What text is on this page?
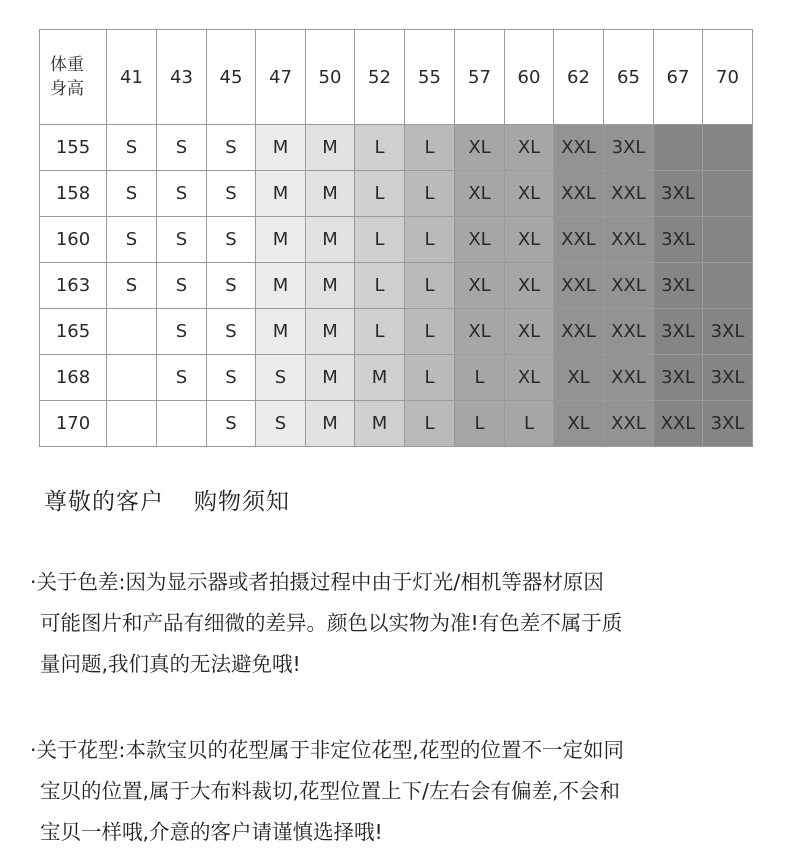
体重
身高	41	43	45	47	50	52	55	57	60	62	65	67	70
155	S	S	S	M	M	L	L	XL	XL	XXL	3XL		
158	S	S	S	M	M	L	L	XL	XL	XXL	XXL	3XL	
160	S	S	S	M	M	L	L	XL	XL	XXL	XXL	3XL	
163	S	S	S	M	M	L	L	XL	XL	XXL	XXL	3XL	
165		S	S	M	M	L	L	XL	XL	XXL	XXL	3XL	3XL
168		S	S	S	M	M	L	L	XL	XL	XXL	3XL	3XL
170			S	S	M	M	L	L	L	XL	XXL	XXL	3XL
尊敬的客户 购物须知
·关于色差:因为显示器或者拍摄过程中由于灯光/相机等器材原因
可能图片和产品有细微的差异。颜色以实物为准!有色差不属于质
量问题,我们真的无法避免哦!
·关于花型:本款宝贝的花型属于非定位花型,花型的位置不一定如同
宝贝的位置,属于大布料裁切,花型位置上下/左右会有偏差,不会和
宝贝一样哦,介意的客户请谨慎选择哦!
